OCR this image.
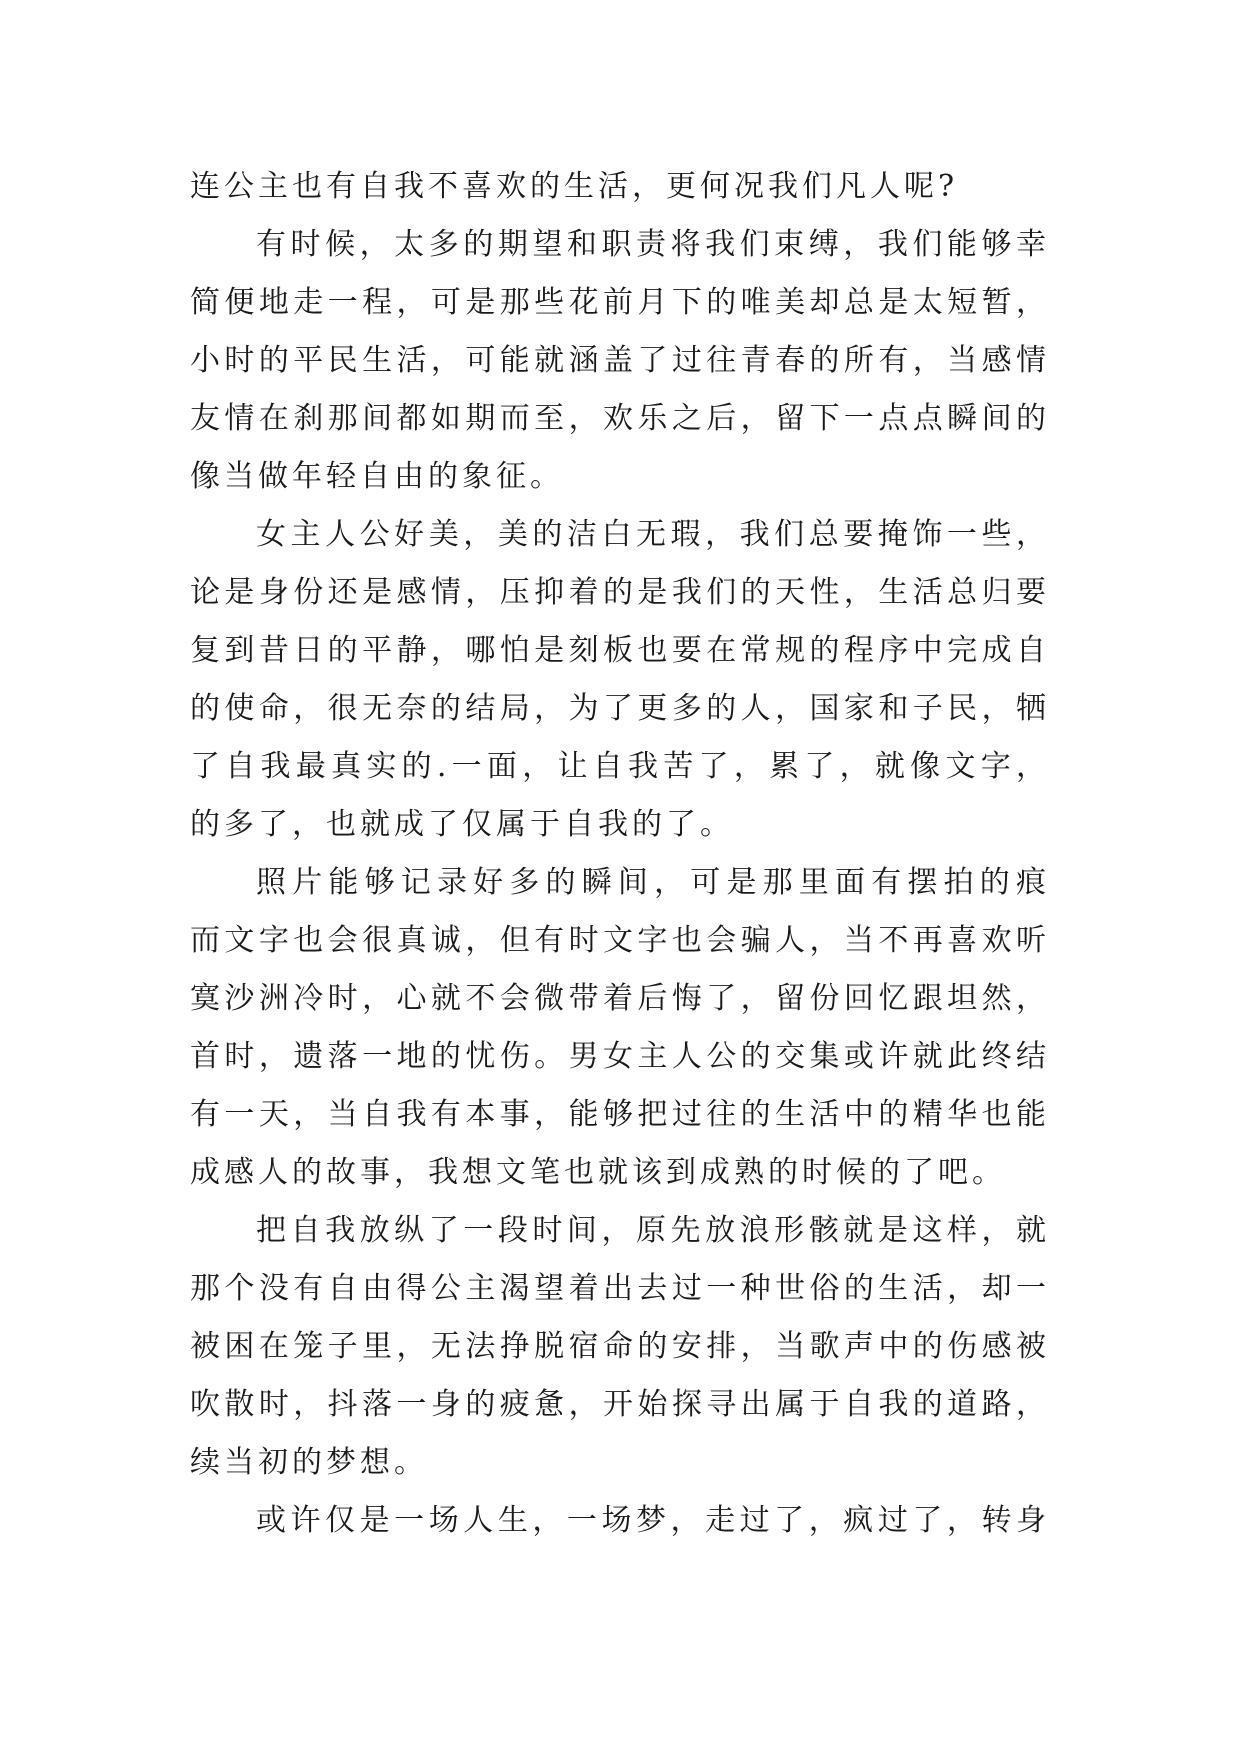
连公主也有自我不喜欢的生活，更何况我们凡人呢?
有时候，太多的期望和职责将我们束缚，我们能够幸
简便地走一程，可是那些花前月下的唯美却总是太短暂，
小时的平民生活，可能就涵盖了过往青春的所有，当感情
友情在刹那间都如期而至，欢乐之后，留下一点点瞬间的
像当做年轻自由的象征。
女主人公好美，美的洁白无瑕，我们总要掩饰一些，
论是身份还是感情，压抑着的是我们的天性，生活总归要
复到昔日的平静，哪怕是刻板也要在常规的程序中完成自
的使命，很无奈的结局，为了更多的人，国家和子民，牺
了自我最真实的.一面，让自我苦了，累了，就像文字，
的多了，也就成了仅属于自我的了。
照片能够记录好多的瞬间，可是那里面有摆拍的痕
而文字也会很真诚，但有时文字也会骗人，当不再喜欢听
寞沙洲冷时，心就不会微带着后悔了，留份回忆跟坦然，
首时，遗落一地的忧伤。男女主人公的交集或许就此终结
有一天，当自我有本事，能够把过往的生活中的精华也能
成感人的故事，我想文笔也就该到成熟的时候的了吧。
把自我放纵了一段时间，原先放浪形骸就是这样，就
那个没有自由得公主渴望着出去过一种世俗的生活，却一
被困在笼子里，无法挣脱宿命的安排，当歌声中的伤感被
吹散时，抖落一身的疲惫，开始探寻出属于自我的道路，
续当初的梦想。
或许仅是一场人生，一场梦，走过了，疯过了，转身
